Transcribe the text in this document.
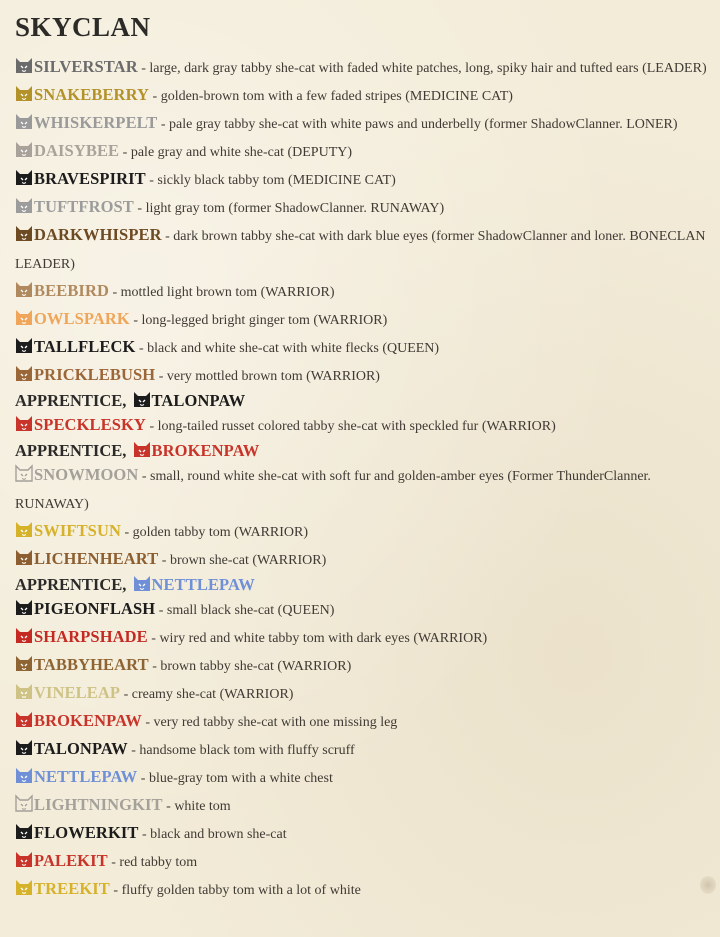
SKYCLAN
SILVERSTAR - large, dark gray tabby she-cat with faded white patches, long, spiky hair and tufted ears (LEADER)
SNAKEBERRY - golden-brown tom with a few faded stripes (MEDICINE CAT)
WHISKERPELT - pale gray tabby she-cat with white paws and underbelly (former ShadowClanner. LONER)
DAISYBEE - pale gray and white she-cat (DEPUTY)
BRAVESPIRIT - sickly black tabby tom (MEDICINE CAT)
TUFTFROST - light gray tom (former ShadowClanner. RUNAWAY)
DARKWHISPER - dark brown tabby she-cat with dark blue eyes (former ShadowClanner and loner. BONECLAN LEADER)
BEEBIRD - mottled light brown tom (WARRIOR)
OWLSPARK - long-legged bright ginger tom (WARRIOR)
TALLFLECK - black and white she-cat with white flecks (QUEEN)
PRICKLEBUSH - very mottled brown tom (WARRIOR)
APPRENTICE, TALONPAW
SPECKLESKY - long-tailed russet colored tabby she-cat with speckled fur (WARRIOR)
APPRENTICE, BROKENPAW
SNOWMOON - small, round white she-cat with soft fur and golden-amber eyes (Former ThunderClanner. RUNAWAY)
SWIFTSUN - golden tabby tom (WARRIOR)
LICHENHEART - brown she-cat (WARRIOR)
APPRENTICE, NETTLEPAW
PIGEONFLASH - small black she-cat (QUEEN)
SHARPSHADE - wiry red and white tabby tom with dark eyes (WARRIOR)
TABBYHEART - brown tabby she-cat (WARRIOR)
VINELEAP - creamy she-cat (WARRIOR)
BROKENPAW - very red tabby she-cat with one missing leg
TALONPAW - handsome black tom with fluffy scruff
NETTLEPAW - blue-gray tom with a white chest
LIGHTNINGKIT - white tom
FLOWERKIT - black and brown she-cat
PALEKIT - red tabby tom
TREEKIT - fluffy golden tabby tom with a lot of white
